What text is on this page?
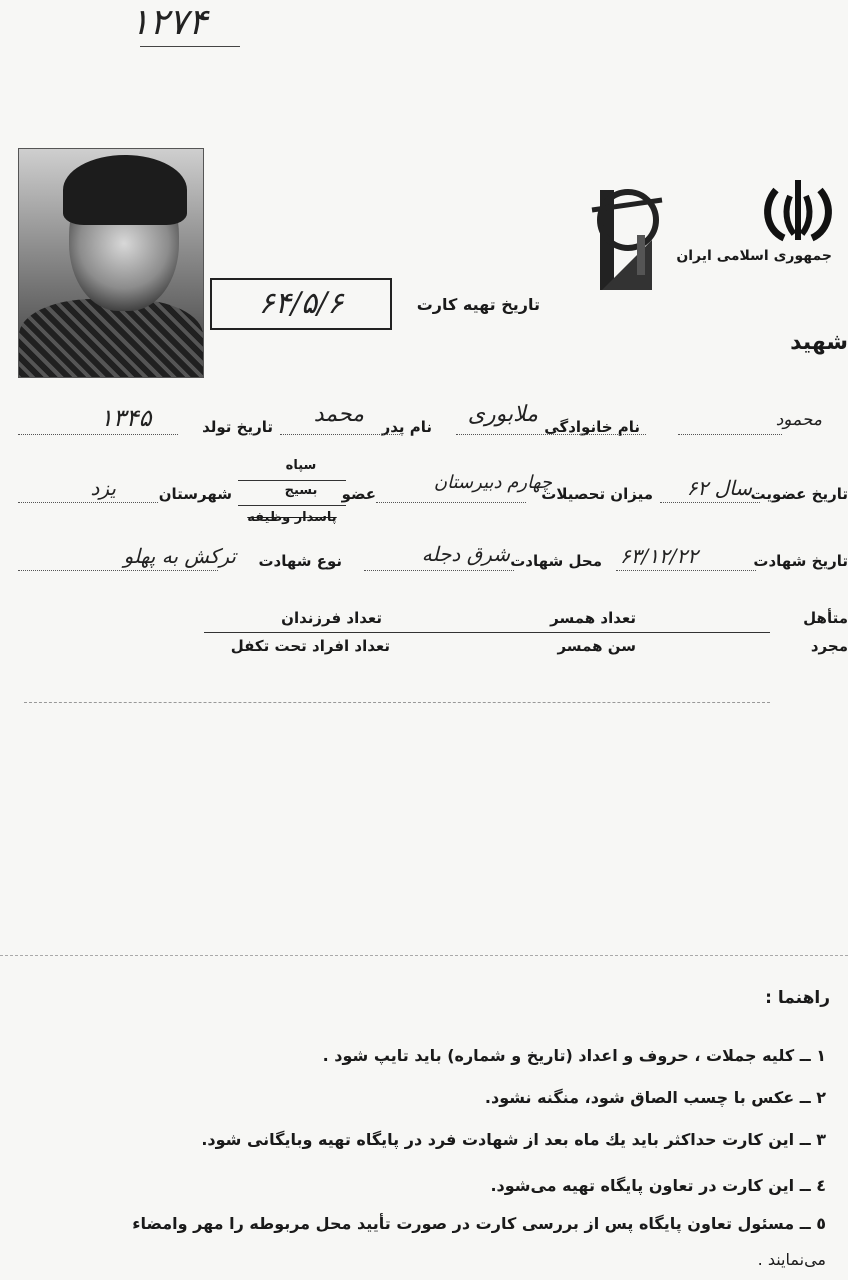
۱۲۷۴
۶۴/۵/۶	تاریخ تهیه کارت
جمهوری اسلامی ایران
شهید
محمود
نام خانوادگی
ملابوری
نام پدر
محمد
تاریخ تولد
۱۳۴۵
تاریخ عضویت
سال ۶۲
میزان تحصیلات
چهارم دبیرستان
عضو
سپاه
بسیج
پاسدار وظیفه
شهرستان
یزد
تاریخ شهادت
۶۳/۱۲/۲۲
محل شهادت
شرق دجله
نوع شهادت
ترکش به پهلو
متأهل
تعداد همسر
تعداد فرزندان
مجرد
سن همسر
تعداد افراد تحت تکفل
راهنما :
۱ ــ کلیه جملات ، حروف و اعداد (تاریخ و شماره) باید تایپ شود .
۲ ــ عکس با چسب الصاق شود، منگنه نشود.
۳ ــ این کارت حداکثر باید یك ماه بعد از شهادت فرد در پایگاه تهیه وبایگانی شود.
٤ ــ این کارت در تعاون پایگاه تهیه می‌شود.
٥ ــ مسئول تعاون پایگاه پس از بررسی کارت در صورت تأیید محل مربوطه را مهر وامضاء
می‌نمایند .
